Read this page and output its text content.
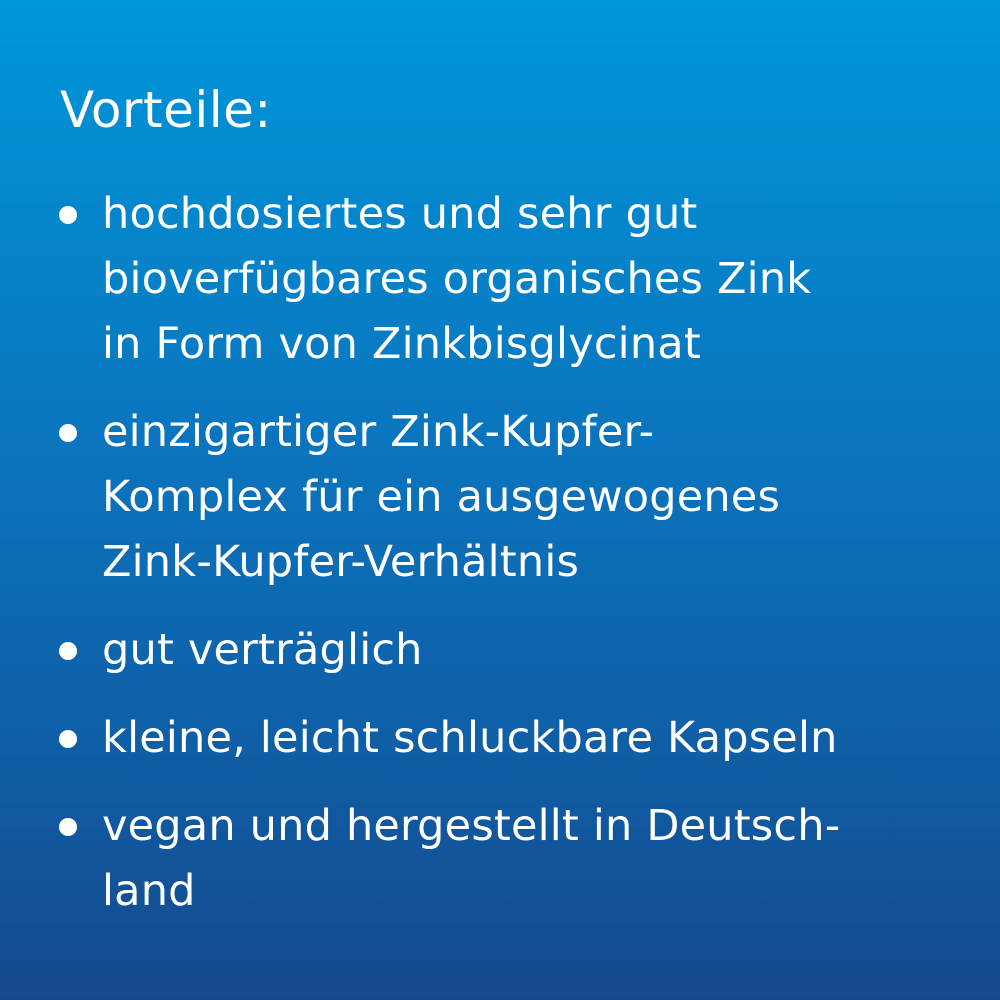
Vorteile:
hochdosiertes und sehr gut
bioverfügbares organisches Zink
in Form von Zinkbisglycinat
einzigartiger Zink-Kupfer-
Komplex für ein ausgewogenes
Zink-Kupfer-Verhältnis
gut verträglich
kleine, leicht schluckbare Kapseln
vegan und hergestellt in Deutsch-
land
